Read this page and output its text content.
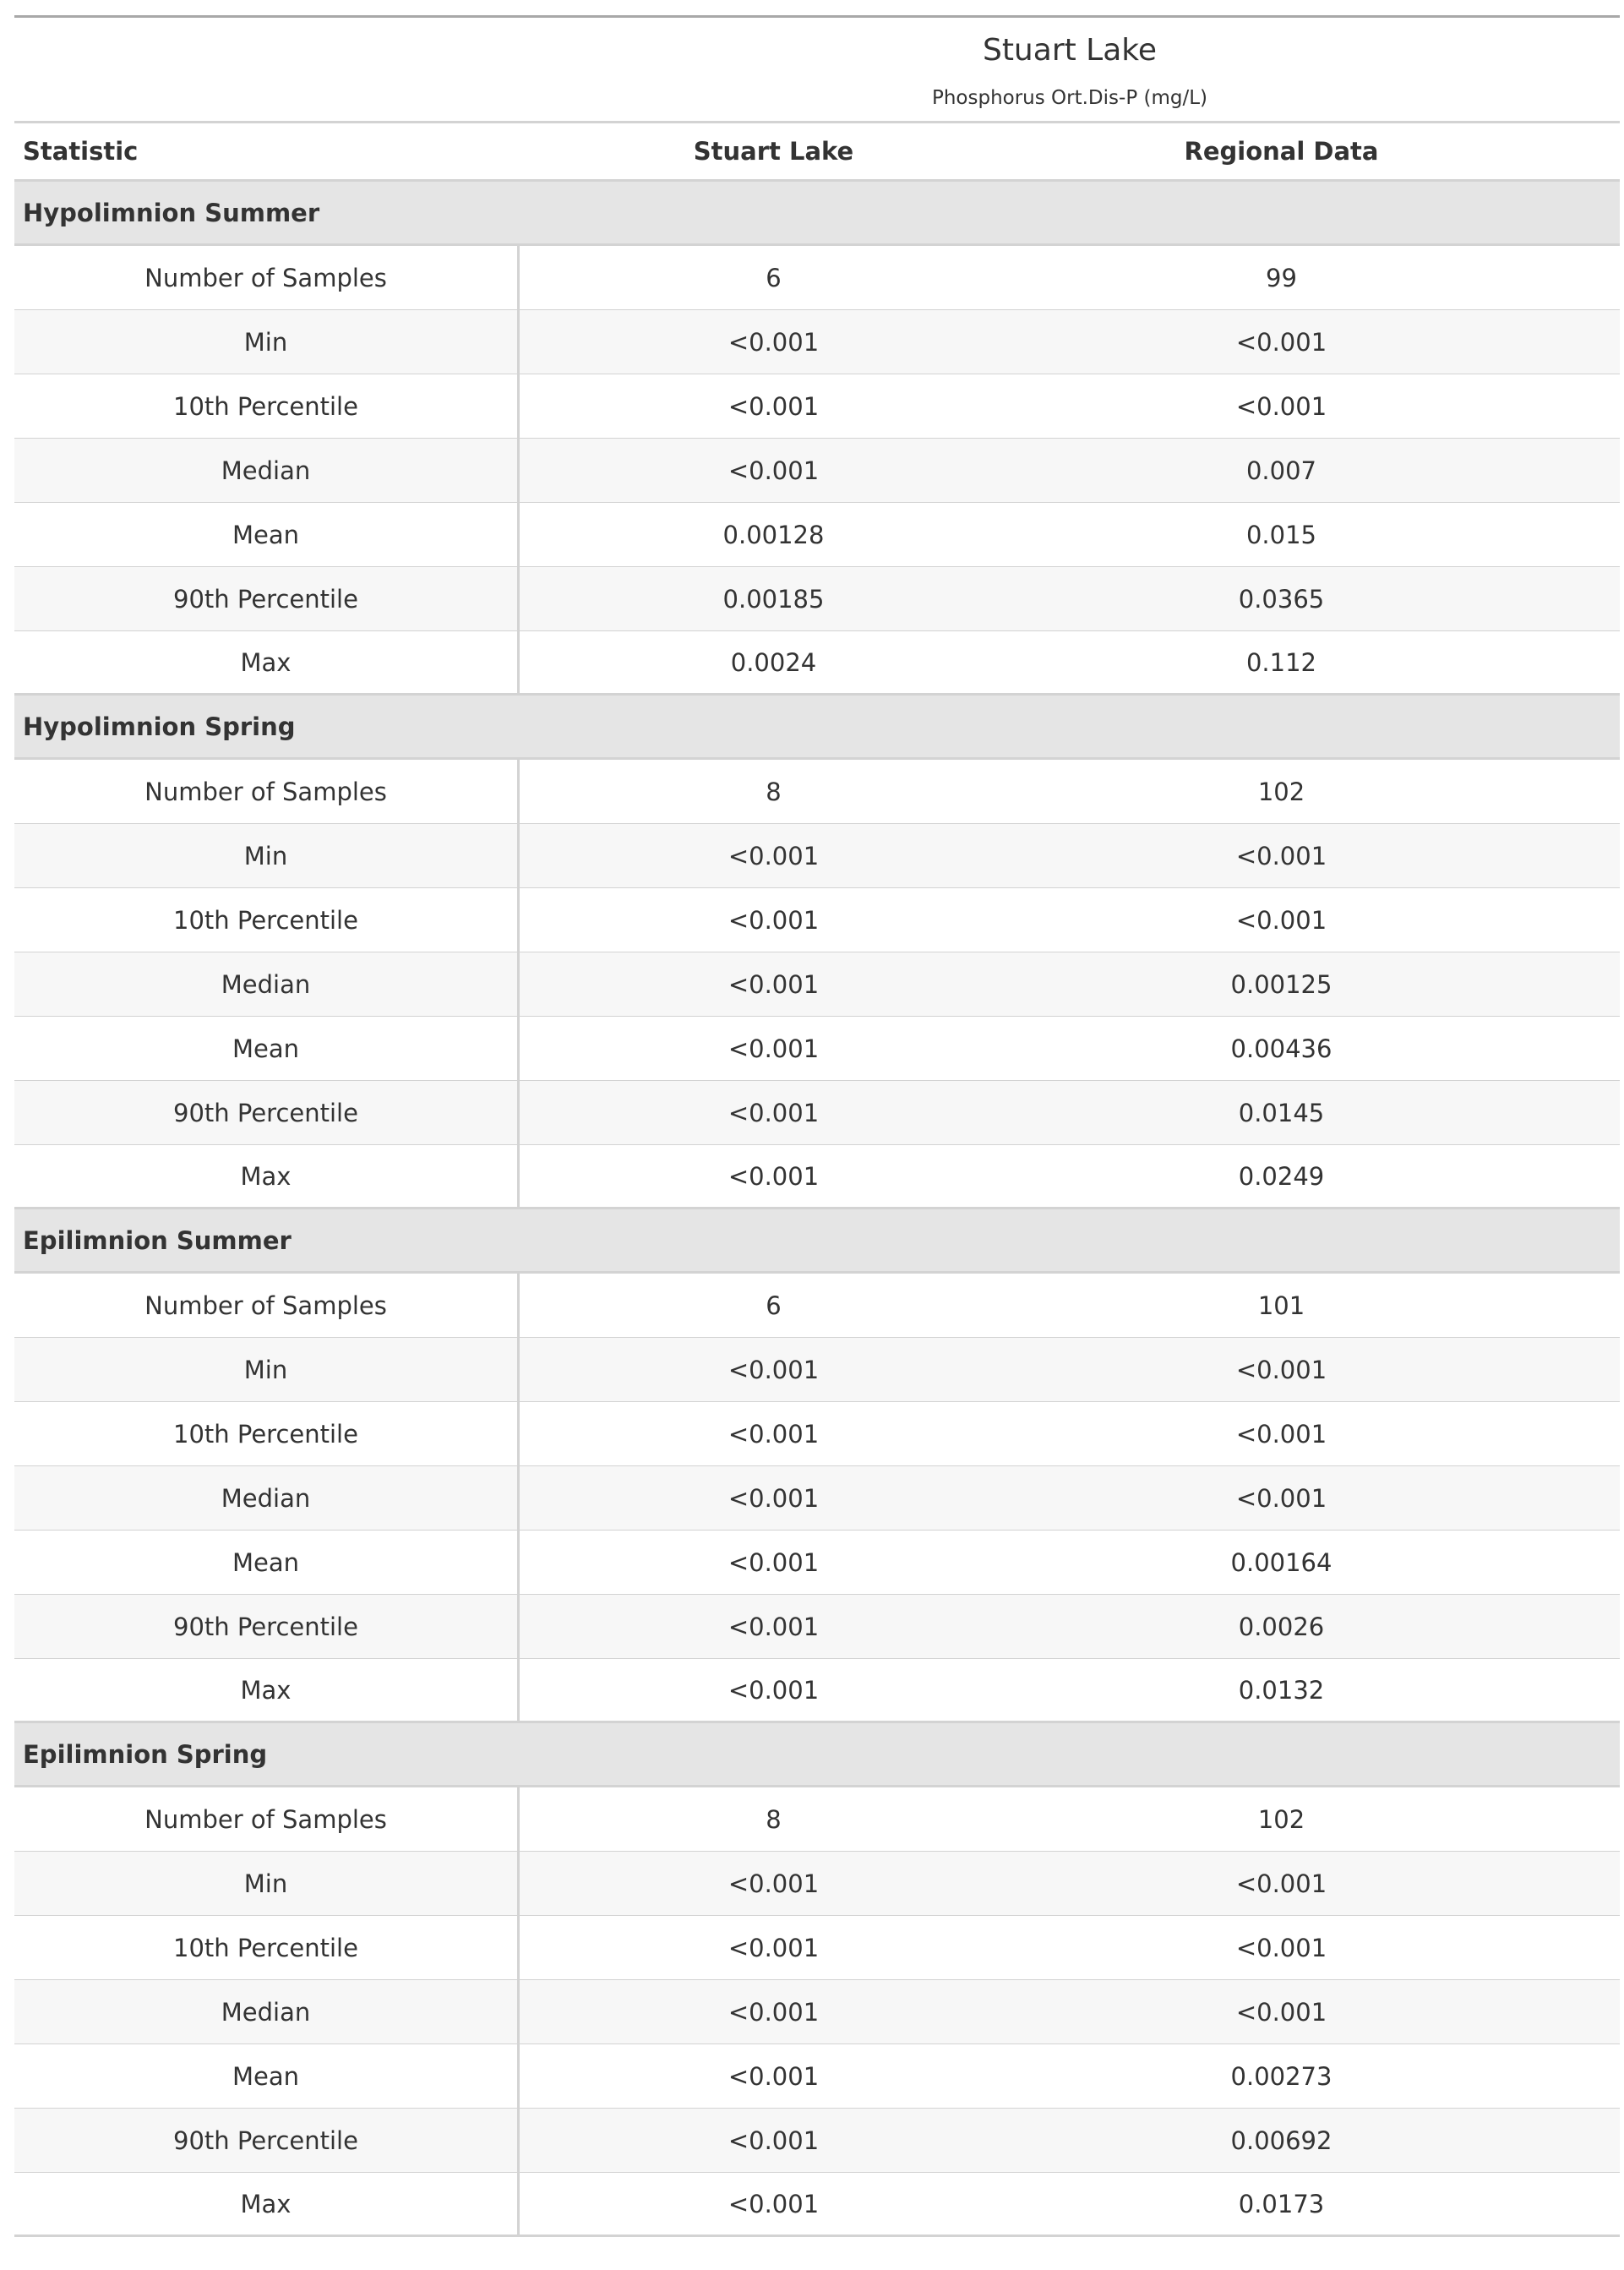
Stuart Lake
Phosphorus Ort.Dis-P (mg/L)
Statistic	Stuart Lake	Regional Data
Hypolimnion Summer
Number of Samples	6	99
Min	<0.001	<0.001
10th Percentile	<0.001	<0.001
Median	<0.001	0.007
Mean	0.00128	0.015
90th Percentile	0.00185	0.0365
Max	0.0024	0.112
Hypolimnion Spring
Number of Samples	8	102
Min	<0.001	<0.001
10th Percentile	<0.001	<0.001
Median	<0.001	0.00125
Mean	<0.001	0.00436
90th Percentile	<0.001	0.0145
Max	<0.001	0.0249
Epilimnion Summer
Number of Samples	6	101
Min	<0.001	<0.001
10th Percentile	<0.001	<0.001
Median	<0.001	<0.001
Mean	<0.001	0.00164
90th Percentile	<0.001	0.0026
Max	<0.001	0.0132
Epilimnion Spring
Number of Samples	8	102
Min	<0.001	<0.001
10th Percentile	<0.001	<0.001
Median	<0.001	<0.001
Mean	<0.001	0.00273
90th Percentile	<0.001	0.00692
Max	<0.001	0.0173
